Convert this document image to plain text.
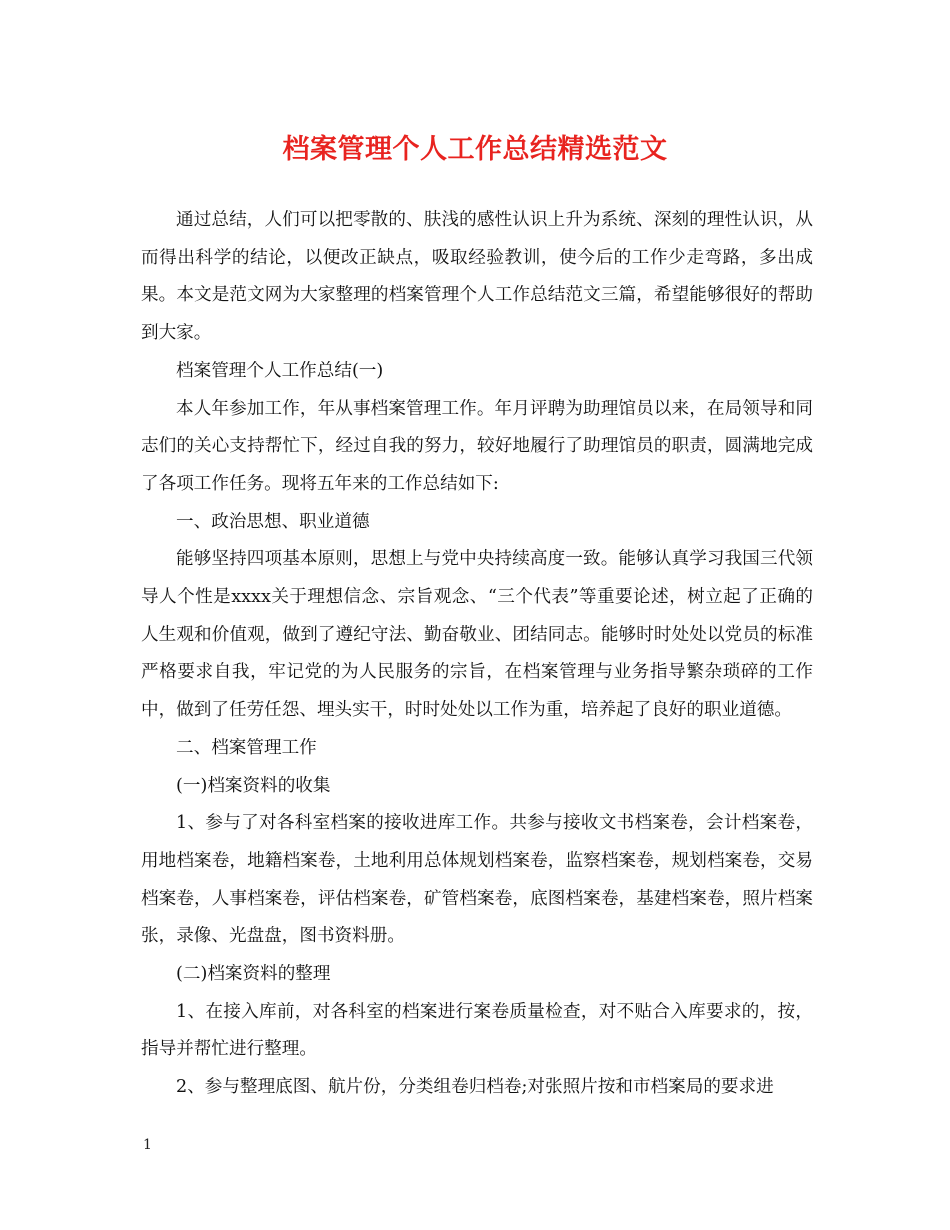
档案管理个人工作总结精选范文

通过总结，人们可以把零散的、肤浅的感性认识上升为系统、深刻的理性认识，从而得出科学的结论，以便改正缺点，吸取经验教训，使今后的工作少走弯路，多出成果。本文是范文网为大家整理的档案管理个人工作总结范文三篇，希望能够很好的帮助到大家。

档案管理个人工作总结(一)

本人年参加工作，年从事档案管理工作。年月评聘为助理馆员以来，在局领导和同志们的关心支持帮忙下，经过自我的努力，较好地履行了助理馆员的职责，圆满地完成了各项工作任务。现将五年来的工作总结如下:

一、政治思想、职业道德

能够坚持四项基本原则，思想上与党中央持续高度一致。能够认真学习我国三代领导人个性是xxxx关于理想信念、宗旨观念、“三个代表”等重要论述，树立起了正确的人生观和价值观，做到了遵纪守法、勤奋敬业、团结同志。能够时时处处以党员的标准严格要求自我，牢记党的为人民服务的宗旨，在档案管理与业务指导繁杂琐碎的工作中，做到了任劳任怨、埋头实干，时时处处以工作为重，培养起了良好的职业道德。

二、档案管理工作

(一)档案资料的收集

1、参与了对各科室档案的接收进库工作。共参与接收文书档案卷，会计档案卷，用地档案卷，地籍档案卷，土地利用总体规划档案卷，监察档案卷，规划档案卷，交易档案卷，人事档案卷，评估档案卷，矿管档案卷，底图档案卷，基建档案卷，照片档案张，录像、光盘盘，图书资料册。

(二)档案资料的整理

1、在接入库前，对各科室的档案进行案卷质量检查，对不贴合入库要求的，按，指导并帮忙进行整理。

2、参与整理底图、航片份，分类组卷归档卷;对张照片按和市档案局的要求进

1
